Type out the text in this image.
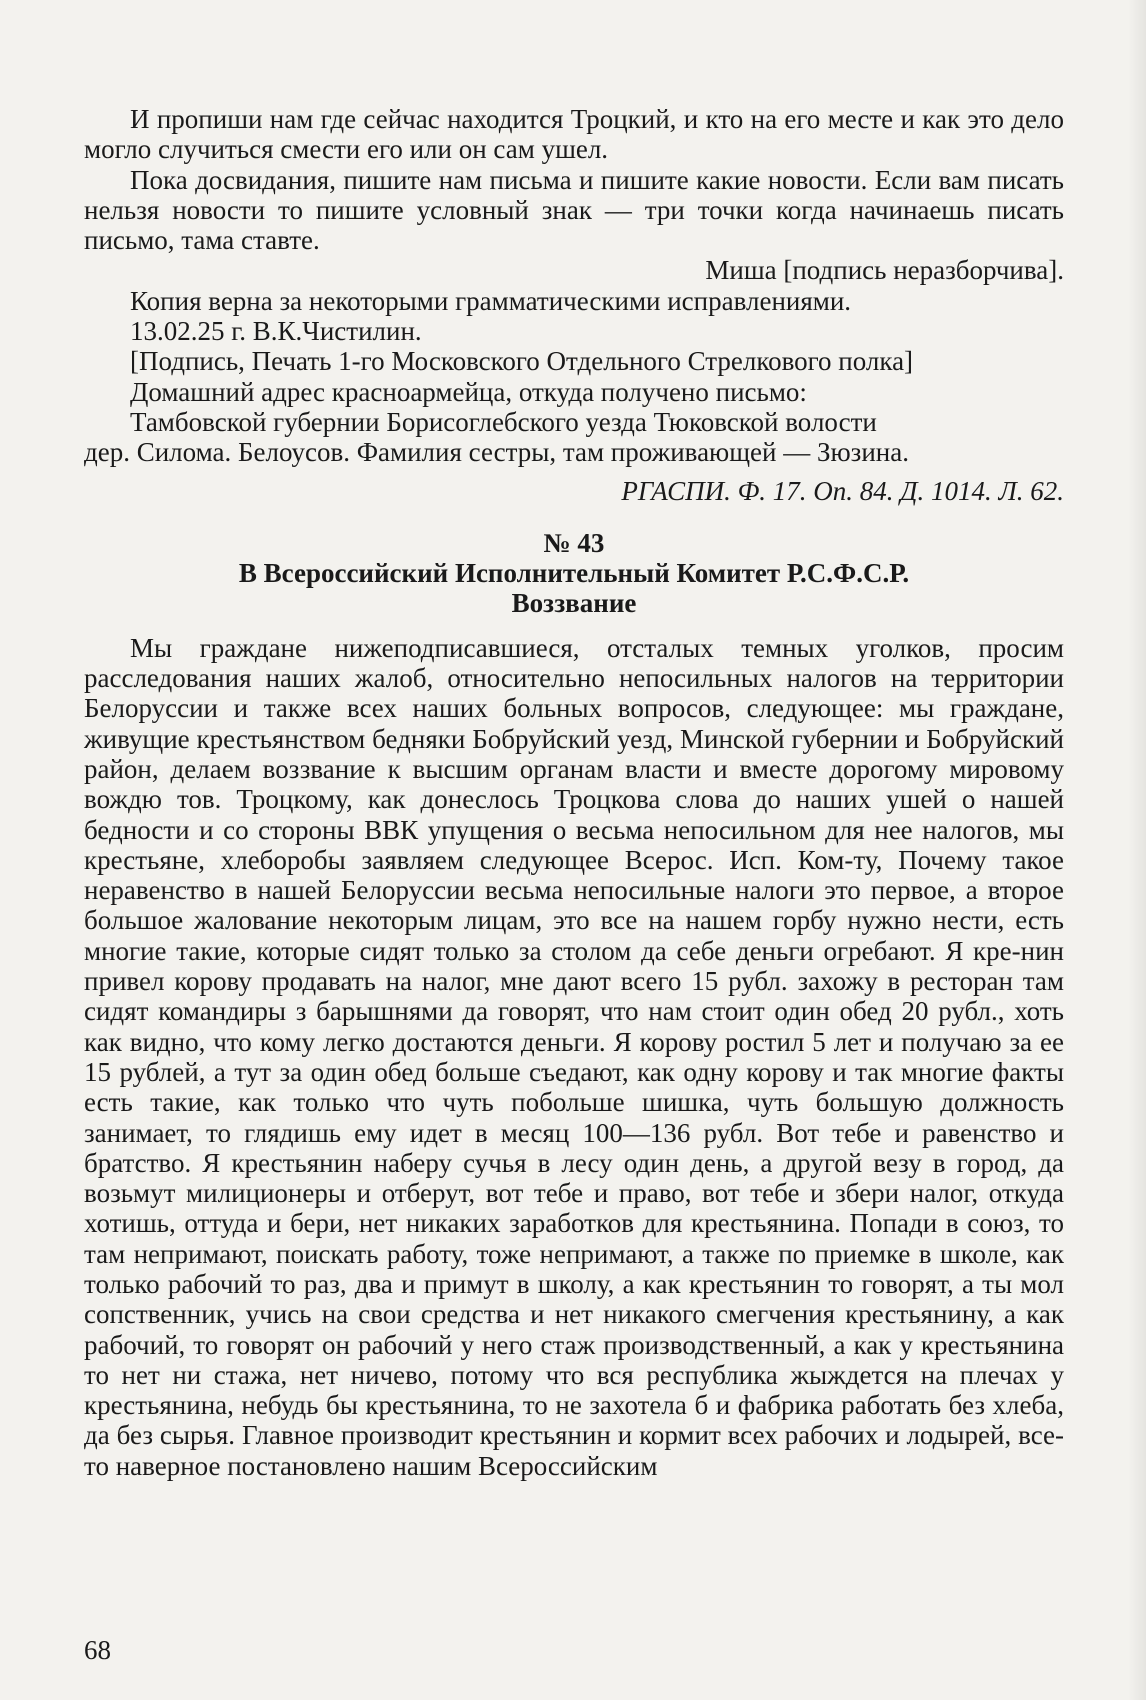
И пропиши нам где сейчас находится Троцкий, и кто на его месте и как это дело могло случиться смести его или он сам ушел.

Пока досвидания, пишите нам письма и пишите какие новости. Если вам писать нельзя новости то пишите условный знак — три точки когда начинаешь писать письмо, тама ставте.

Миша [подпись неразборчива].

Копия верна за некоторыми грамматическими исправлениями.

13.02.25 г. В.К.Чистилин.

[Подпись, Печать 1-го Московского Отдельного Стрелкового полка]

Домашний адрес красноармейца, откуда получено письмо:

Тамбовской губернии Борисоглебского уезда Тюковской волости

дер. Силома. Белоусов. Фамилия сестры, там проживающей — Зюзина.

РГАСПИ. Ф. 17. Оп. 84. Д. 1014. Л. 62.

№ 43

В Всероссийский Исполнительный Комитет Р.С.Ф.С.Р.

Воззвание

Мы граждане нижеподписавшиеся, отсталых темных уголков, просим расследования наших жалоб, относительно непосильных налогов на территории Белоруссии и также всех наших больных вопросов, следующее: мы граждане, живущие крестьянством бедняки Бобруйский уезд, Минской губернии и Бобруйский район, делаем воззвание к высшим органам власти и вместе дорогому мировому вождю тов. Троцкому, как донеслось Троцкова слова до наших ушей о нашей бедности и со стороны ВВК упущения о весьма непосильном для нее налогов, мы крестьяне, хлеборобы заявляем следующее Всерос. Исп. Ком-ту, Почему такое неравенство в нашей Белоруссии весьма непосильные налоги это первое, а второе большое жалование некоторым лицам, это все на нашем горбу нужно нести, есть многие такие, которые сидят только за столом да себе деньги огребают. Я кре-нин привел корову продавать на налог, мне дают всего 15 рубл. захожу в ресторан там сидят командиры з барышнями да говорят, что нам стоит один обед 20 рубл., хоть как видно, что кому легко достаются деньги. Я корову ростил 5 лет и получаю за ее 15 рублей, а тут за один обед больше съедают, как одну корову и так многие факты есть такие, как только что чуть побольше шишка, чуть большую должность занимает, то глядишь ему идет в месяц 100—136 рубл. Вот тебе и равенство и братство. Я крестьянин наберу сучья в лесу один день, а другой везу в город, да возьмут милиционеры и отберут, вот тебе и право, вот тебе и збери налог, откуда хотишь, оттуда и бери, нет никаких заработков для крестьянина. Попади в союз, то там непримают, поискать работу, тоже непримают, а также по приемке в школе, как только рабочий то раз, два и примут в школу, а как крестьянин то говорят, а ты мол сопственник, учись на свои средства и нет никакого смегчения крестьянину, а как рабочий, то говорят он рабочий у него стаж производственный, а как у крестьянина то нет ни стажа, нет ничево, потому что вся республика жыждется на плечах у крестьянина, небудь бы крестьянина, то не захотела б и фабрика работать без хлеба, да без сырья. Главное производит крестьянин и кормит всех рабочих и лодырей, все-то наверное постановлено нашим Всероссийским

68
